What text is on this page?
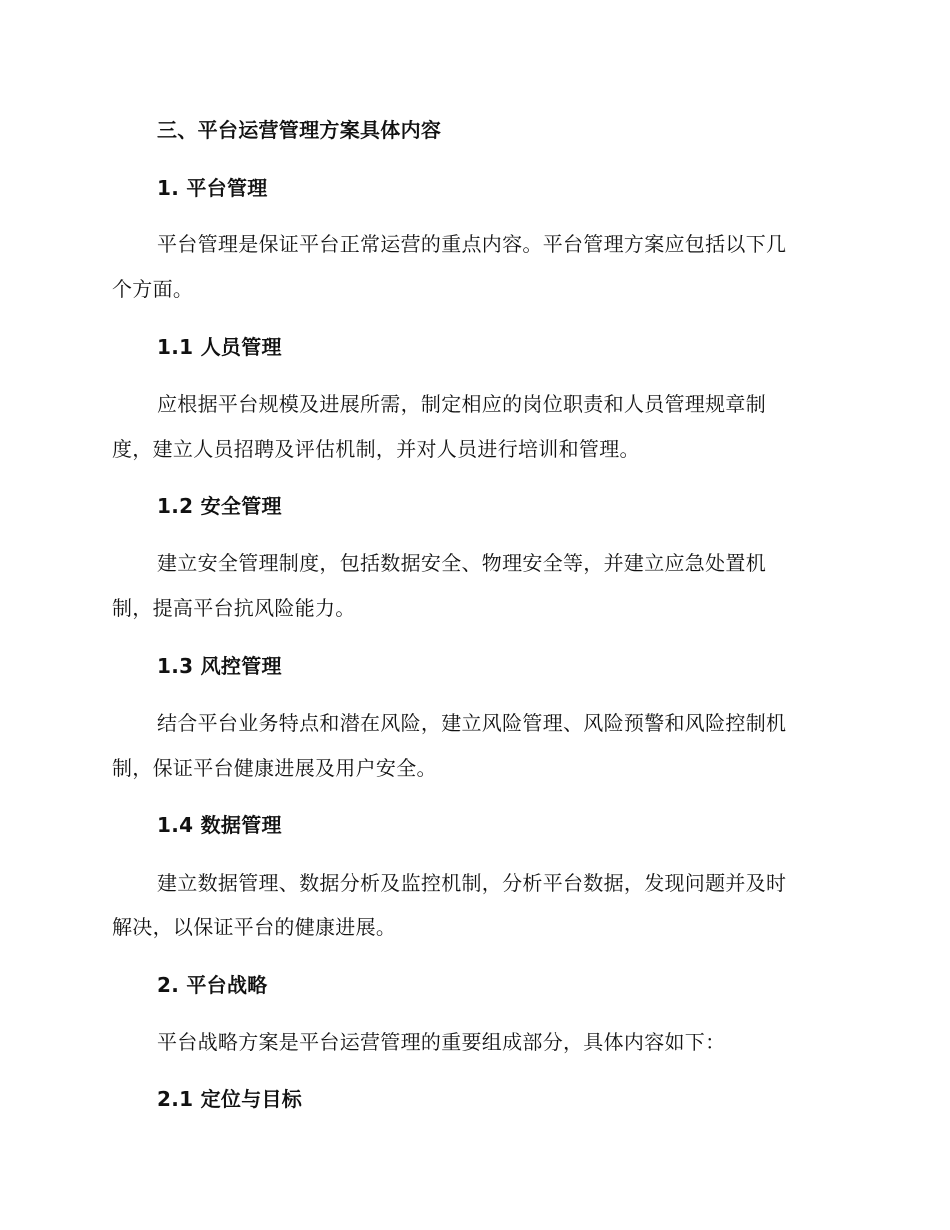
三、平台运营管理方案具体内容
1. 平台管理
平台管理是保证平台正常运营的重点内容。平台管理方案应包括以下几
个方面。
1.1 人员管理
应根据平台规模及进展所需，制定相应的岗位职责和人员管理规章制
度，建立人员招聘及评估机制，并对人员进行培训和管理。
1.2 安全管理
建立安全管理制度，包括数据安全、物理安全等，并建立应急处置机
制，提高平台抗风险能力。
1.3 风控管理
结合平台业务特点和潜在风险，建立风险管理、风险预警和风险控制机
制，保证平台健康进展及用户安全。
1.4 数据管理
建立数据管理、数据分析及监控机制，分析平台数据，发现问题并及时
解决，以保证平台的健康进展。
2. 平台战略
平台战略方案是平台运营管理的重要组成部分，具体内容如下：
2.1 定位与目标
